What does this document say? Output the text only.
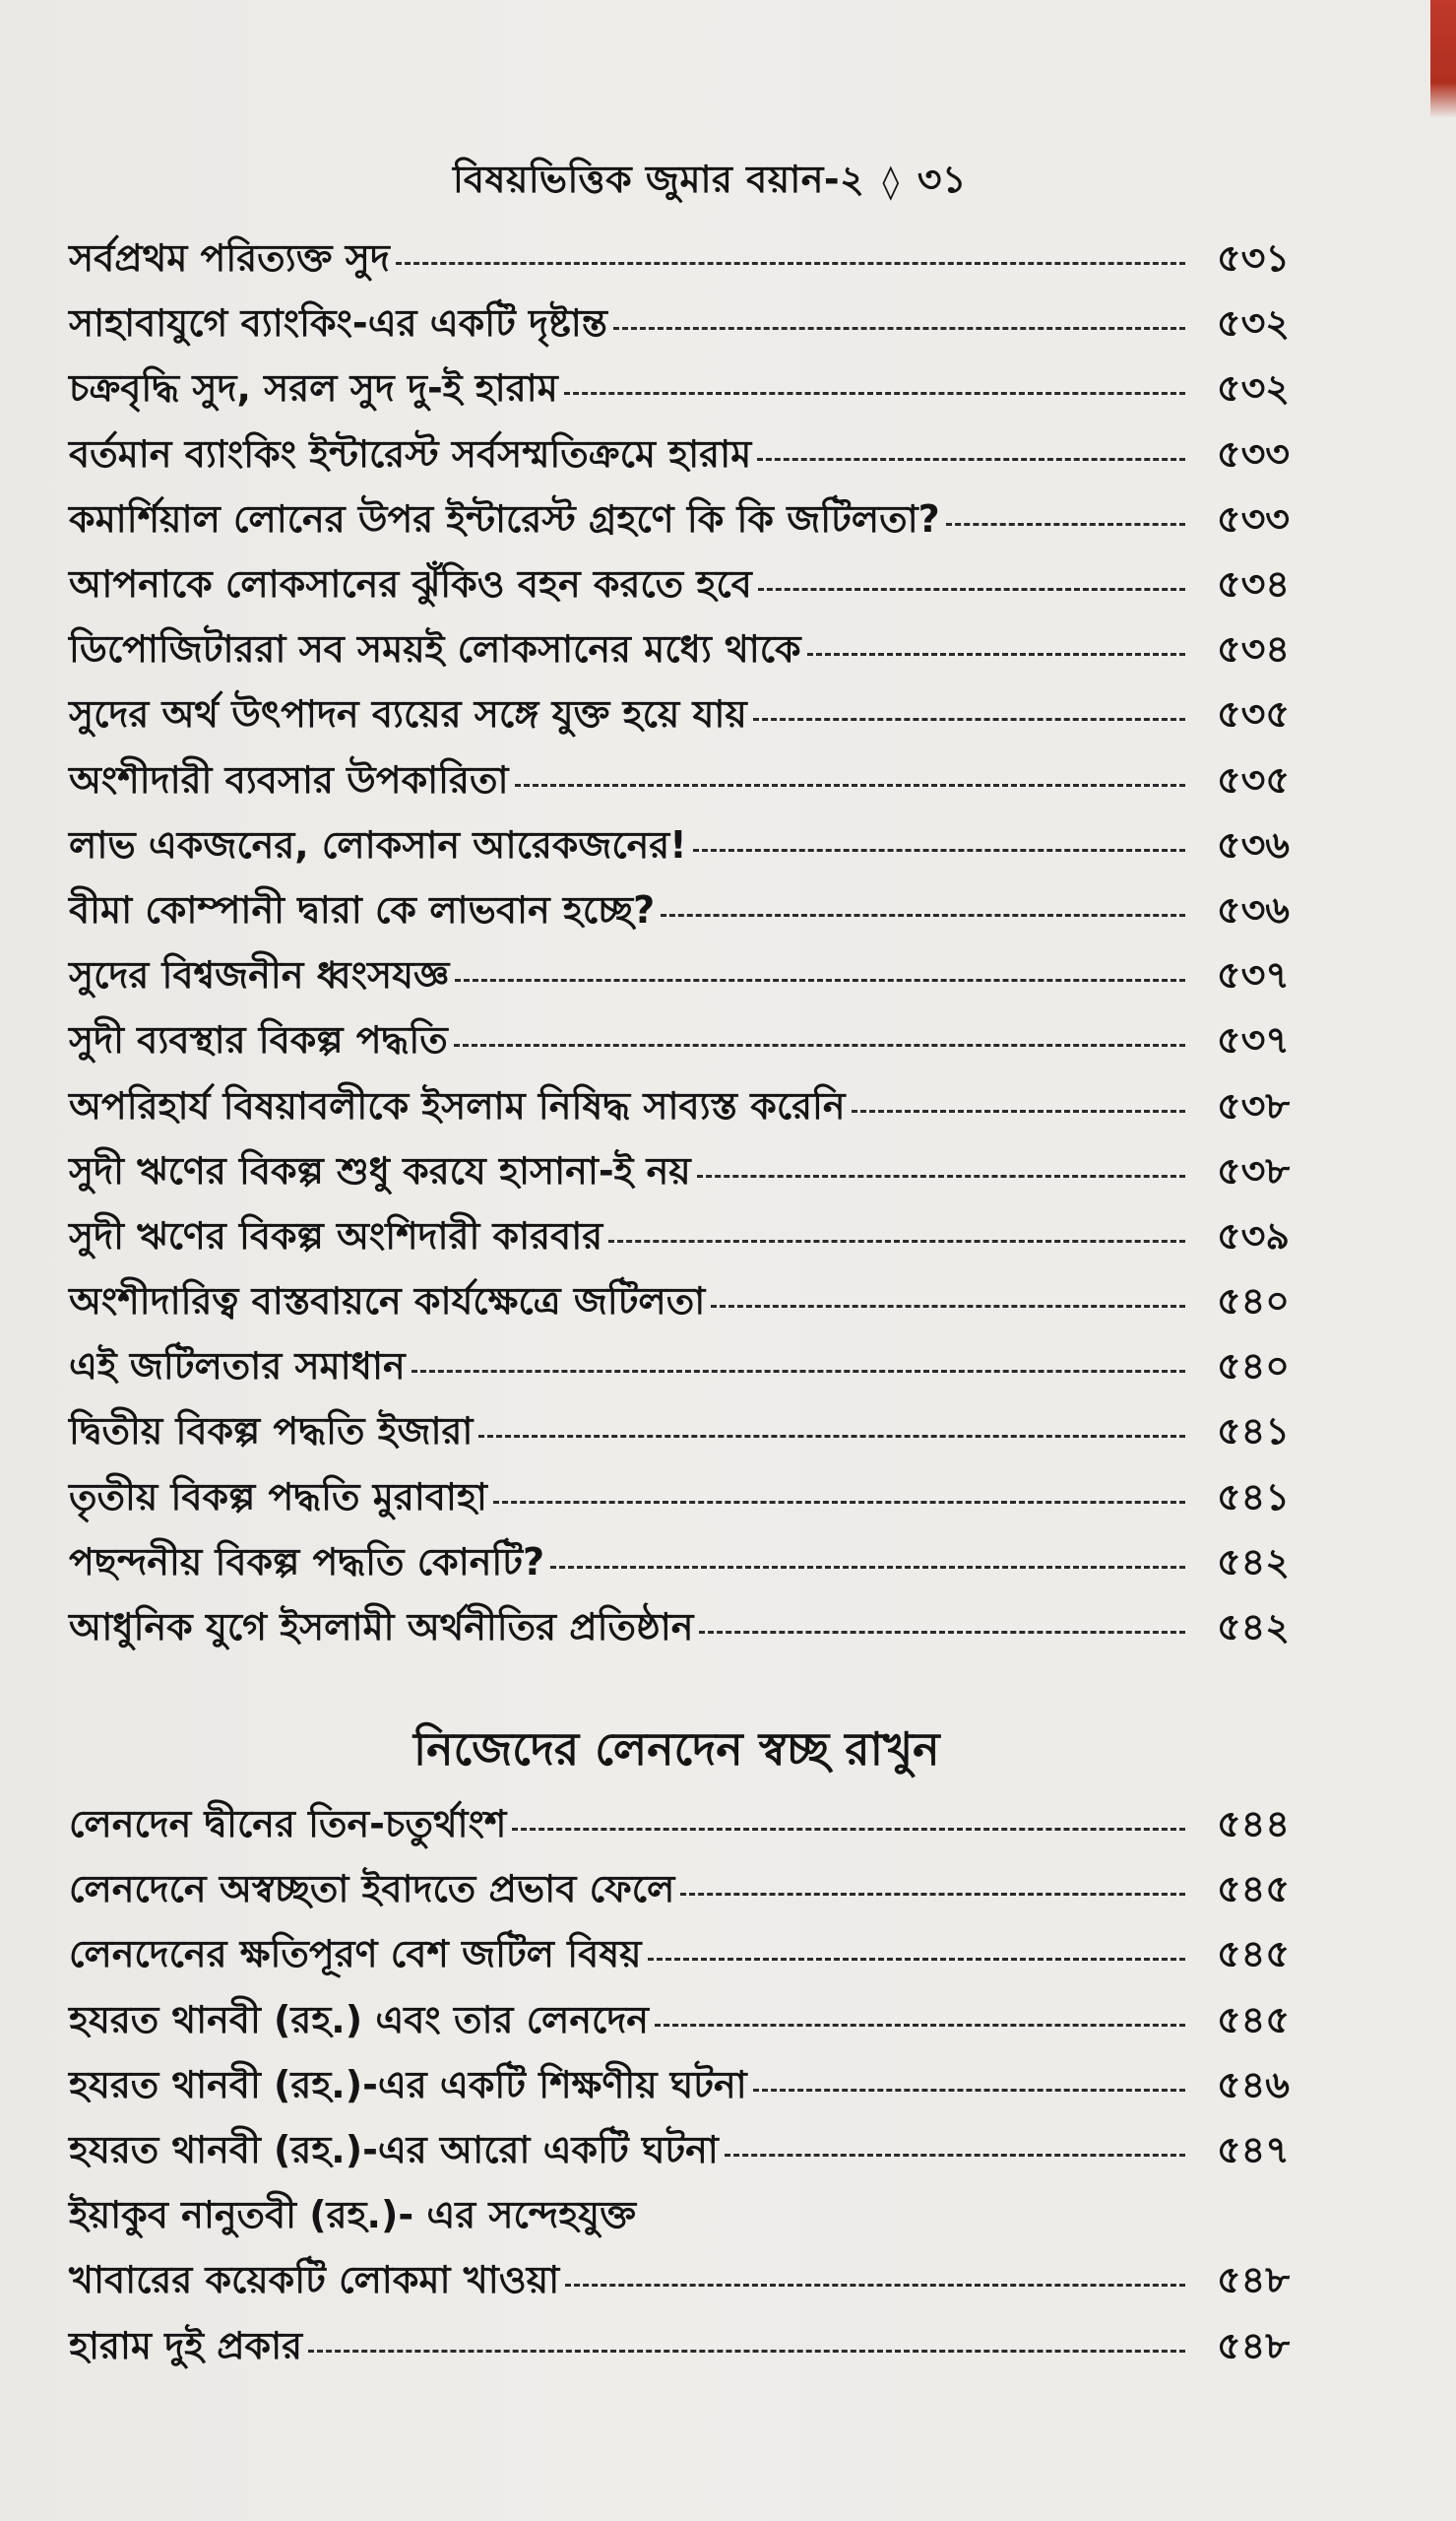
বিষয়ভিত্তিক জুমার বয়ান-২ ◊ ৩১
সর্বপ্রথম পরিত্যক্ত সুদ	৫৩১
সাহাবাযুগে ব্যাংকিং-এর একটি দৃষ্টান্ত	৫৩২
চক্রবৃদ্ধি সুদ, সরল সুদ দু-ই হারাম	৫৩২
বর্তমান ব্যাংকিং ইন্টারেস্ট সর্বসম্মতিক্রমে হারাম	৫৩৩
কমার্শিয়াল লোনের উপর ইন্টারেস্ট গ্রহণে কি কি জটিলতা?	৫৩৩
আপনাকে লোকসানের ঝুঁকিও বহন করতে হবে	৫৩৪
ডিপোজিটাররা সব সময়ই লোকসানের মধ্যে থাকে	৫৩৪
সুদের অর্থ উৎপাদন ব্যয়ের সঙ্গে যুক্ত হয়ে যায়	৫৩৫
অংশীদারী ব্যবসার উপকারিতা	৫৩৫
লাভ একজনের, লোকসান আরেকজনের!	৫৩৬
বীমা কোম্পানী দ্বারা কে লাভবান হচ্ছে?	৫৩৬
সুদের বিশ্বজনীন ধ্বংসযজ্ঞ	৫৩৭
সুদী ব্যবস্থার বিকল্প পদ্ধতি	৫৩৭
অপরিহার্য বিষয়াবলীকে ইসলাম নিষিদ্ধ সাব্যস্ত করেনি	৫৩৮
সুদী ঋণের বিকল্প শুধু করযে হাসানা-ই নয়	৫৩৮
সুদী ঋণের বিকল্প অংশিদারী কারবার	৫৩৯
অংশীদারিত্ব বাস্তবায়নে কার্যক্ষেত্রে জটিলতা	৫৪০
এই জটিলতার সমাধান	৫৪০
দ্বিতীয় বিকল্প পদ্ধতি ইজারা	৫৪১
তৃতীয় বিকল্প পদ্ধতি মুরাবাহা	৫৪১
পছন্দনীয় বিকল্প পদ্ধতি কোনটি?	৫৪২
আধুনিক যুগে ইসলামী অর্থনীতির প্রতিষ্ঠান	৫৪২
নিজেদের লেনদেন স্বচ্ছ রাখুন
লেনদেন দ্বীনের তিন-চতুর্থাংশ	৫৪৪
লেনদেনে অস্বচ্ছতা ইবাদতে প্রভাব ফেলে	৫৪৫
লেনদেনের ক্ষতিপূরণ বেশ জটিল বিষয়	৫৪৫
হযরত থানবী (রহ.) এবং তার লেনদেন	৫৪৫
হযরত থানবী (রহ.)-এর একটি শিক্ষণীয় ঘটনা	৫৪৬
হযরত থানবী (রহ.)-এর আরো একটি ঘটনা	৫৪৭
ইয়াকুব নানুতবী (রহ.)- এর সন্দেহযুক্ত
খাবারের কয়েকটি লোকমা খাওয়া	৫৪৮
হারাম দুই প্রকার	৫৪৮
